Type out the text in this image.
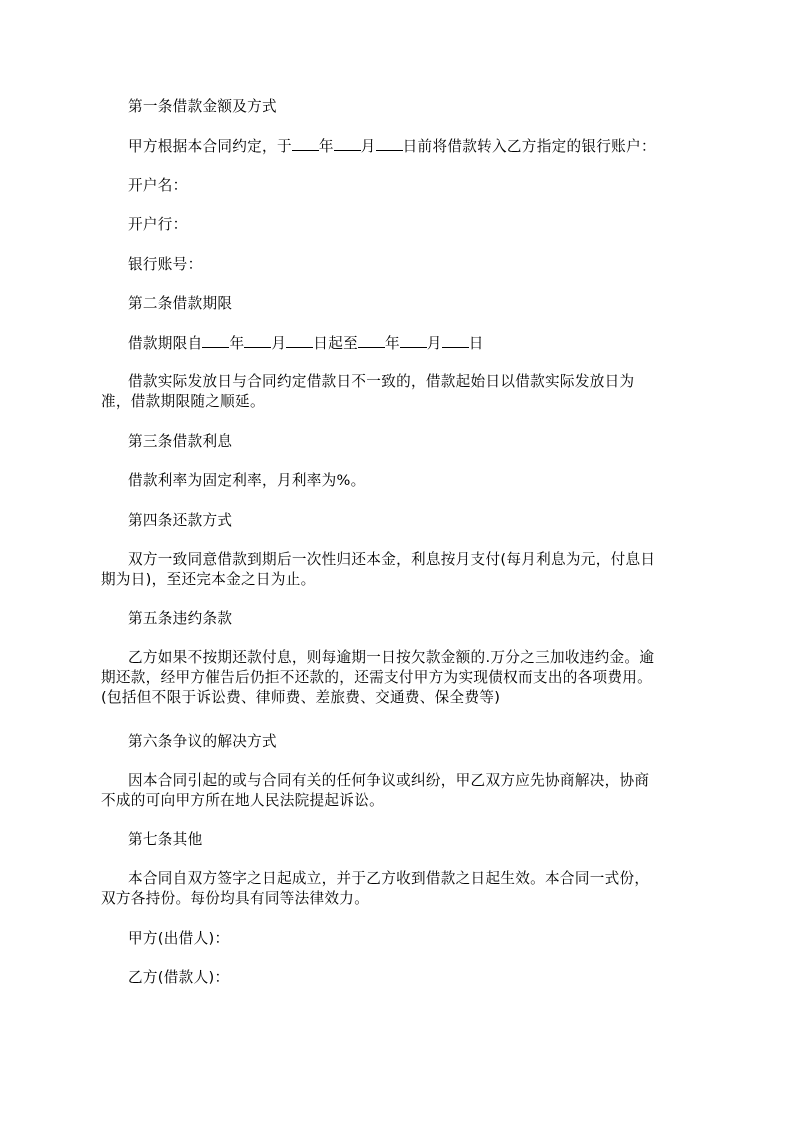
第一条借款金额及方式

甲方根据本合同约定，于 年 月 日前将借款转入乙方指定的银行账户：

开户名：

开户行：

银行账号：

第二条借款期限

借款期限自 年 月 日起至 年 月 日

借款实际发放日与合同约定借款日不一致的，借款起始日以借款实际发放日为
准，借款期限随之顺延。

第三条借款利息

借款利率为固定利率，月利率为%。

第四条还款方式

双方一致同意借款到期后一次性归还本金，利息按月支付(每月利息为元，付息日
期为日)，至还完本金之日为止。

第五条违约条款

乙方如果不按期还款付息，则每逾期一日按欠款金额的.万分之三加收违约金。逾
期还款，经甲方催告后仍拒不还款的，还需支付甲方为实现债权而支出的各项费用。
(包括但不限于诉讼费、律师费、差旅费、交通费、保全费等)

第六条争议的解决方式

因本合同引起的或与合同有关的任何争议或纠纷，甲乙双方应先协商解决，协商
不成的可向甲方所在地人民法院提起诉讼。

第七条其他

本合同自双方签字之日起成立，并于乙方收到借款之日起生效。本合同一式份，
双方各持份。每份均具有同等法律效力。

甲方(出借人)：

乙方(借款人)：
